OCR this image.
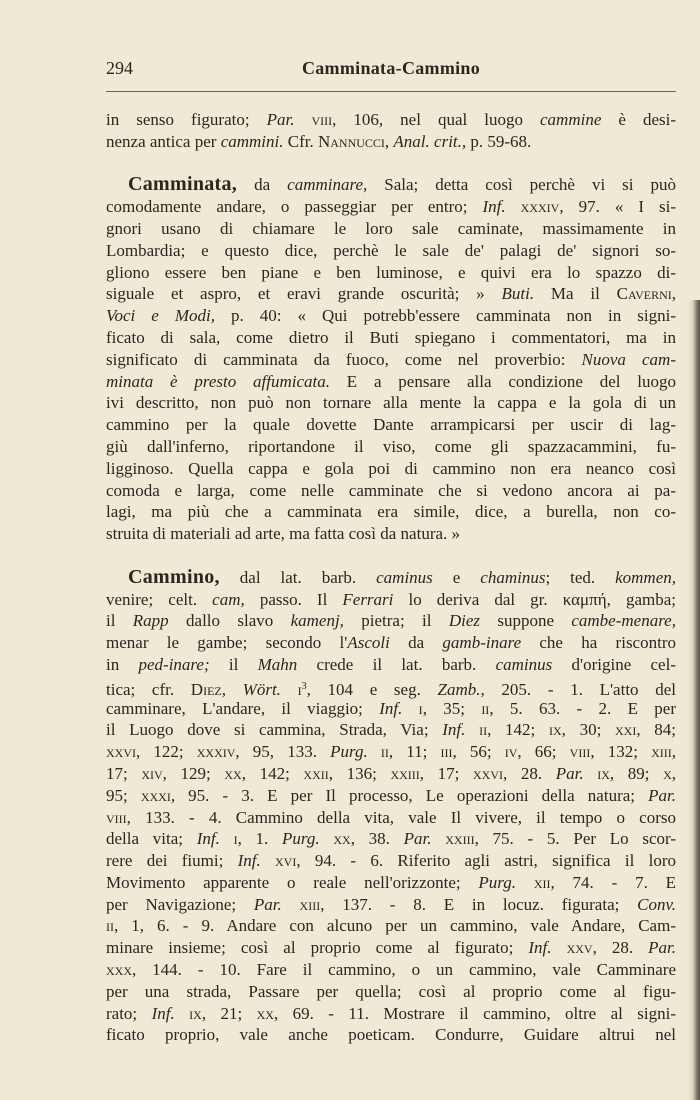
294	Camminata-Cammino
in senso figurato; Par. viii, 106, nel qual luogo cammine è desi-
nenza antica per cammini. Cfr. Nannucci, Anal. crit., p. 59-68.
Camminata, da camminare, Sala; detta così perchè vi si può
comodamente andare, o passeggiar per entro; Inf. xxxiv, 97. « I si-
gnori usano di chiamare le loro sale caminate, massimamente in
Lombardia; e questo dice, perchè le sale de' palagi de' signori so-
gliono essere ben piane e ben luminose, e quivi era lo spazzo di-
siguale et aspro, et eravi grande oscurità; » Buti. Ma il Caverni,
Voci e Modi, p. 40: « Qui potrebb'essere camminata non in signi-
ficato di sala, come dietro il Buti spiegano i commentatori, ma in
significato di camminata da fuoco, come nel proverbio: Nuova cam-
minata è presto affumicata. E a pensare alla condizione del luogo
ivi descritto, non può non tornare alla mente la cappa e la gola di un
cammino per la quale dovette Dante arrampicarsi per uscir di lag-
giù dall'inferno, riportandone il viso, come gli spazzacammini, fu-
ligginoso. Quella cappa e gola poi di cammino non era neanco così
comoda e larga, come nelle camminate che si vedono ancora ai pa-
lagi, ma più che a camminata era simile, dice, a burella, non co-
struita di materiali ad arte, ma fatta così da natura. »
Cammino, dal lat. barb. caminus e chaminus; ted. kommen,
venire; celt. cam, passo. Il Ferrari lo deriva dal gr. καμπή, gamba;
il Rapp dallo slavo kamenj, pietra; il Diez suppone cambe-menare,
menar le gambe; secondo l'Ascoli da gamb-inare che ha riscontro
in ped-inare; il Mahn crede il lat. barb. caminus d'origine cel-
tica; cfr. Diez, Wört. $i^3$, 104 e seg. Zamb., 205. - 1. L'atto del
camminare, L'andare, il viaggio; Inf. i, 35; ii, 5. 63. - 2. E per
il Luogo dove si cammina, Strada, Via; Inf. ii, 142; ix, 30; xxi, 84;
xxvi, 122; xxxiv, 95, 133. Purg. ii, 11; iii, 56; iv, 66; viii, 132; xiii,
17; xiv, 129; xx, 142; xxii, 136; xxiii, 17; xxvi, 28. Par. ix, 89; x,
95; xxxi, 95. - 3. E per Il processo, Le operazioni della natura; Par.
viii, 133. - 4. Cammino della vita, vale Il vivere, il tempo o corso
della vita; Inf. i, 1. Purg. xx, 38. Par. xxiii, 75. - 5. Per Lo scor-
rere dei fiumi; Inf. xvi, 94. - 6. Riferito agli astri, significa il loro
Movimento apparente o reale nell'orizzonte; Purg. xii, 74. - 7. E
per Navigazione; Par. xiii, 137. - 8. E in locuz. figurata; Conv.
ii, 1, 6. - 9. Andare con alcuno per un cammino, vale Andare, Cam-
minare insieme; così al proprio come al figurato; Inf. xxv, 28. Par.
xxx, 144. - 10. Fare il cammino, o un cammino, vale Camminare
per una strada, Passare per quella; così al proprio come al figu-
rato; Inf. ix, 21; xx, 69. - 11. Mostrare il cammino, oltre al signi-
ficato proprio, vale anche poeticam. Condurre, Guidare altrui nel
